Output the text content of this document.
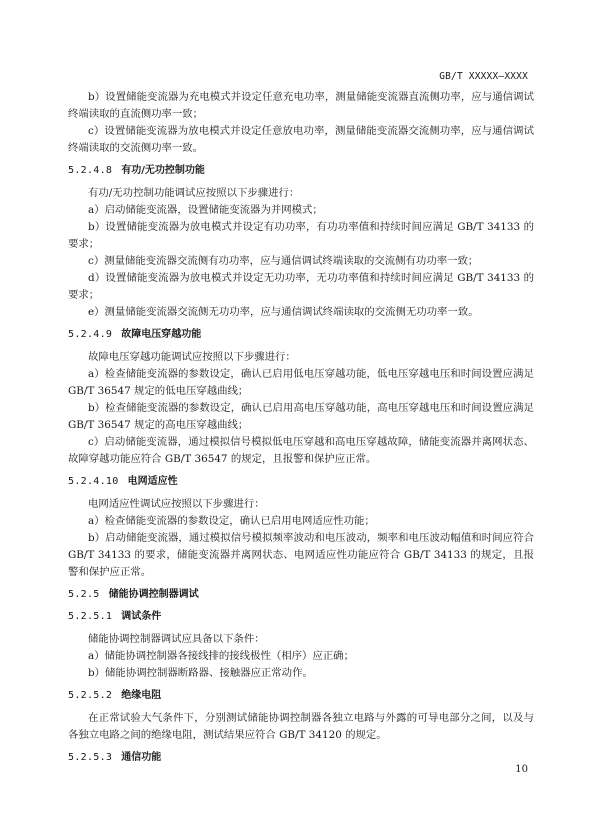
GB/T XXXXX—XXXX

b）设置储能变流器为充电模式并设定任意充电功率，测量储能变流器直流侧功率，应与通信调试终端读取的直流侧功率一致；

c）设置储能变流器为放电模式并设定任意放电功率，测量储能变流器交流侧功率，应与通信调试终端读取的交流侧功率一致。

5.2.4.8 有功/无功控制功能

有功/无功控制功能调试应按照以下步骤进行：

a）启动储能变流器，设置储能变流器为并网模式；

b）设置储能变流器为放电模式并设定有功功率，有功功率值和持续时间应满足 GB/T 34133 的要求；

c）测量储能变流器交流侧有功功率，应与通信调试终端读取的交流侧有功功率一致；

d）设置储能变流器为放电模式并设定无功功率，无功功率值和持续时间应满足 GB/T 34133 的要求；

e）测量储能变流器交流侧无功功率，应与通信调试终端读取的交流侧无功功率一致。

5.2.4.9 故障电压穿越功能

故障电压穿越功能调试应按照以下步骤进行：

a）检查储能变流器的参数设定，确认已启用低电压穿越功能，低电压穿越电压和时间设置应满足 GB/T 36547 规定的低电压穿越曲线；

b）检查储能变流器的参数设定，确认已启用高电压穿越功能，高电压穿越电压和时间设置应满足 GB/T 36547 规定的高电压穿越曲线；

c）启动储能变流器，通过模拟信号模拟低电压穿越和高电压穿越故障，储能变流器并离网状态、故障穿越功能应符合 GB/T 36547 的规定，且报警和保护应正常。

5.2.4.10 电网适应性

电网适应性调试应按照以下步骤进行：

a）检查储能变流器的参数设定，确认已启用电网适应性功能；

b）启动储能变流器，通过模拟信号模拟频率波动和电压波动，频率和电压波动幅值和时间应符合 GB/T 34133 的要求，储能变流器并离网状态、电网适应性功能应符合 GB/T 34133 的规定，且报警和保护应正常。

5.2.5 储能协调控制器调试
5.2.5.1 调试条件

储能协调控制器调试应具备以下条件：

a）储能协调控制器各接线排的接线极性（相序）应正确；

b）储能协调控制器断路器、接触器应正常动作。

5.2.5.2 绝缘电阻

在正常试验大气条件下，分别测试储能协调控制器各独立电路与外露的可导电部分之间，以及与各独立电路之间的绝缘电阻，测试结果应符合 GB/T 34120 的规定。

5.2.5.3 通信功能
10
